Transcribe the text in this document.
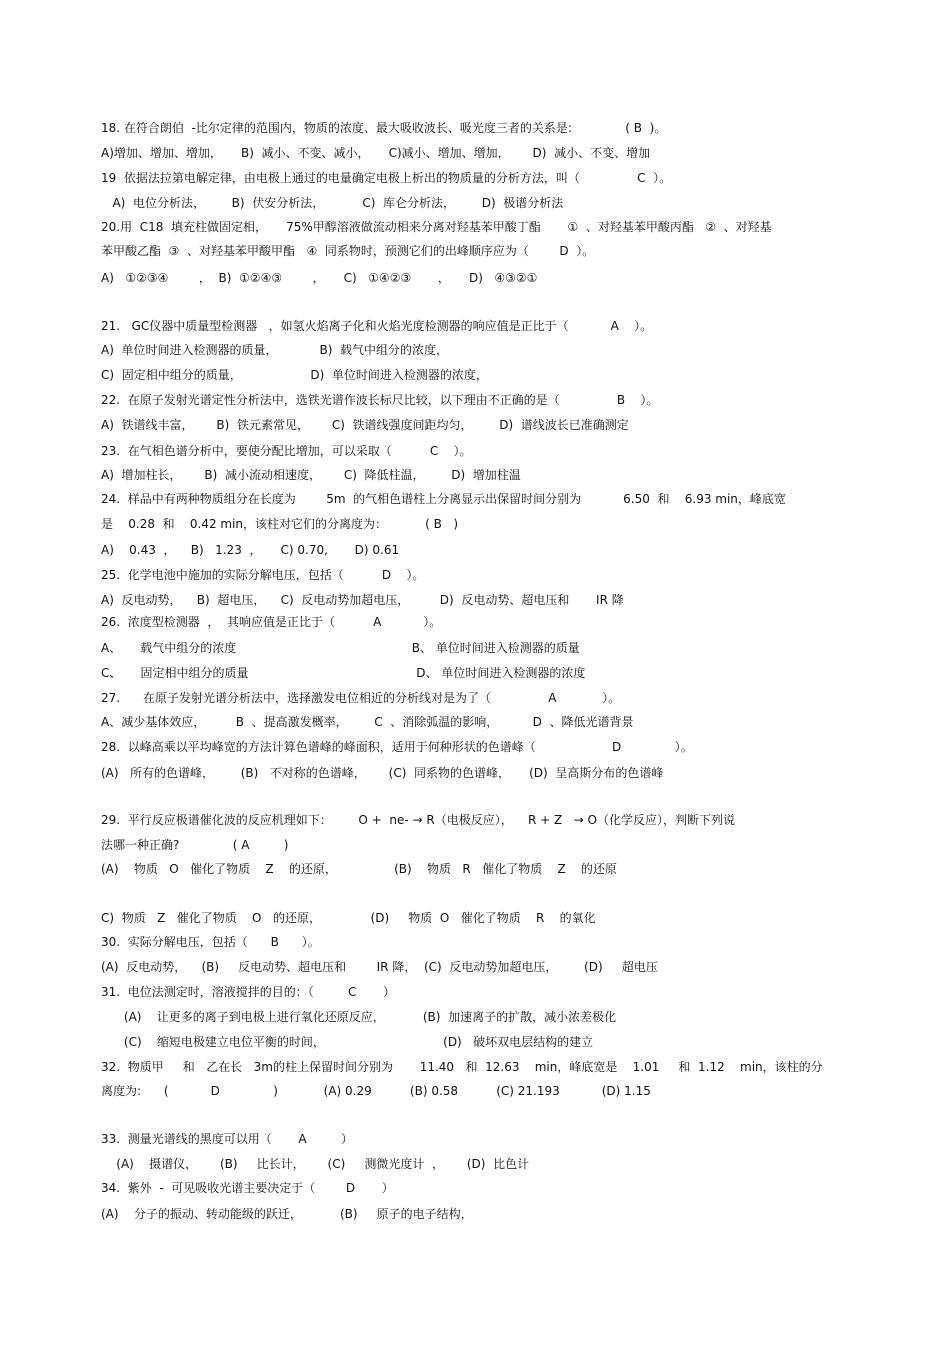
18. 在符合朗伯  -比尔定律的范围内，物质的浓度、最大吸收波长、吸光度三者的关系是:              ( B  )。
A)增加、增加、增加，     B)  减小、不变、减小，     C)减小、增加、增加，      D)  减小、不变、增加
19  依据法拉第电解定律，由电极上通过的电量确定电极上析出的物质量的分析方法，叫（               C  ）。
A)  电位分析法，       B)  伏安分析法，          C)  库仑分析法，       D)  极谱分析法
20.用  C18  填充柱做固定相，     75%甲醇溶液做流动相来分离对羟基苯甲酸丁酯       ①  、对羟基苯甲酸丙酯   ②  、对羟基
苯甲酸乙酯  ③  、对羟基苯甲酸甲酯   ④  同系物时，预测它们的出峰顺序应为（        D  ）。
A)   ①②③④        ，  B)  ①②④③        ，     C)   ①④②③       ，     D)   ④③②①
21.   GC仪器中质量型检测器   ，如氢火焰离子化和火焰光度检测器的响应值是正比于（           A    ）。
A)  单位时间进入检测器的质量，           B)  载气中组分的浓度，
C)  固定相中组分的质量，                  D)  单位时间进入检测器的浓度，
22.  在原子发射光谱定性分析法中，选铁光谱作波长标尺比较，以下理由不正确的是（               B    ）。
A)  铁谱线丰富，      B)  铁元素常见，      C)  铁谱线强度间距均匀，       D)  谱线波长已准确测定
23.  在气相色谱分析中，要使分配比增加，可以采取（          C    ）。
A)  增加柱长，      B)  减小流动相速度，      C)  降低柱温，       D)  增加柱温
24.  样品中有两种物质组分在长度为        5m  的气相色谱柱上分离显示出保留时间分别为           6.50  和    6.93 min，峰底宽
是    0.28  和    0.42 min，该柱对它们的分离度为：          ( B   )
A)    0.43  ，    B)   1.23  ，     C) 0.70,       D) 0.61
25.  化学电池中施加的实际分解电压，包括（          D    ）。
A)  反电动势，    B)  超电压，    C)  反电动势加超电压，        D)  反电动势、超电压和       IR 降
26.  浓度型检测器  ，  其响应值是正比于（          A           ）。
A、     载气中组分的浓度                                              B、 单位时间进入检测器的质量
C、     固定相中组分的质量                                            D、 单位时间进入检测器的浓度
27.      在原子发射光谱分析法中，选择激发电位相近的分析线对是为了（               A            ）。
A、减少基体效应，        B  、提高激发概率，       C  、消除弧温的影响，         D  、降低光谱背景
28.  以峰高乘以平均峰宽的方法计算色谱峰的峰面积，适用于何种形状的色谱峰（                    D              ）。
(A)   所有的色谱峰，       (B)   不对称的色谱峰，      (C)  同系物的色谱峰，     (D)  呈高斯分布的色谱峰
29.  平行反应极谱催化波的反应机理如下：       O +  ne- → R（电极反应），    R + Z   → O（化学反应），判断下列说
法哪一种正确?              ( A         )
(A)    物质   O   催化了物质    Z    的还原，               (B)    物质   R   催化了物质    Z    的还原
C)  物质   Z   催化了物质    O   的还原，             (D)     物质  O   催化了物质    R    的氧化
30.  实际分解电压，包括（      B      ）。
(A)  反电动势，    (B)     反电动势、超电压和        IR 降，  (C)  反电动势加超电压，       (D)     超电压
31.  电位法测定时，溶液搅拌的目的：（         C       ）
(A)    让更多的离子到电极上进行氧化还原反应，          (B)  加速离子的扩散，减小浓差极化
(C)    缩短电极建立电位平衡的时间，                               (D)   破坏双电层结构的建立
32.  物质甲     和   乙在长   3m的柱上保留时间分别为       11.40   和  12.63    min，峰底宽是    1.01     和  1.12    min，该柱的分
离度为:      (           D              )            (A) 0.29          (B) 0.58          (C) 21.193           (D) 1.15
33.  测量光谱线的黑度可以用（       A         ）
(A)    摄谱仪，      (B)     比长计，      (C)     测微光度计  ，      (D)  比色计
34.  紫外  -  可见吸收光谱主要决定于（        D       ）
(A)    分子的振动、转动能级的跃迁，          (B)     原子的电子结构，
